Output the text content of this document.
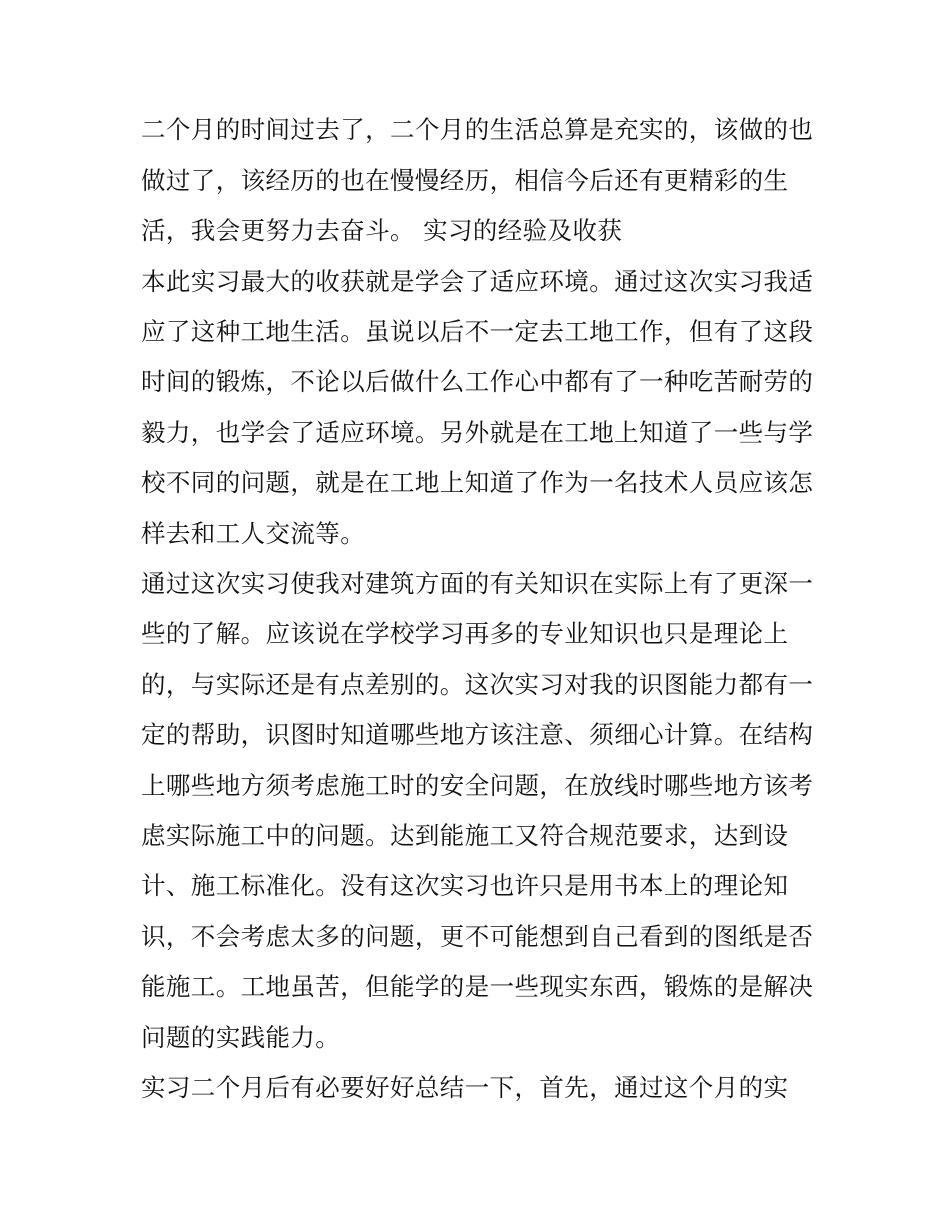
二个月的时间过去了，二个月的生活总算是充实的，该做的也
做过了，该经历的也在慢慢经历，相信今后还有更精彩的生
活，我会更努力去奋斗。 实习的经验及收获
本此实习最大的收获就是学会了适应环境。通过这次实习我适
应了这种工地生活。虽说以后不一定去工地工作，但有了这段
时间的锻炼，不论以后做什么工作心中都有了一种吃苦耐劳的
毅力，也学会了适应环境。另外就是在工地上知道了一些与学
校不同的问题，就是在工地上知道了作为一名技术人员应该怎
样去和工人交流等。
通过这次实习使我对建筑方面的有关知识在实际上有了更深一
些的了解。应该说在学校学习再多的专业知识也只是理论上
的，与实际还是有点差别的。这次实习对我的识图能力都有一
定的帮助，识图时知道哪些地方该注意、须细心计算。在结构
上哪些地方须考虑施工时的安全问题，在放线时哪些地方该考
虑实际施工中的问题。达到能施工又符合规范要求，达到设
计、施工标准化。没有这次实习也许只是用书本上的理论知
识，不会考虑太多的问题，更不可能想到自己看到的图纸是否
能施工。工地虽苦，但能学的是一些现实东西，锻炼的是解决
问题的实践能力。
实习二个月后有必要好好总结一下，首先，通过这个月的实
